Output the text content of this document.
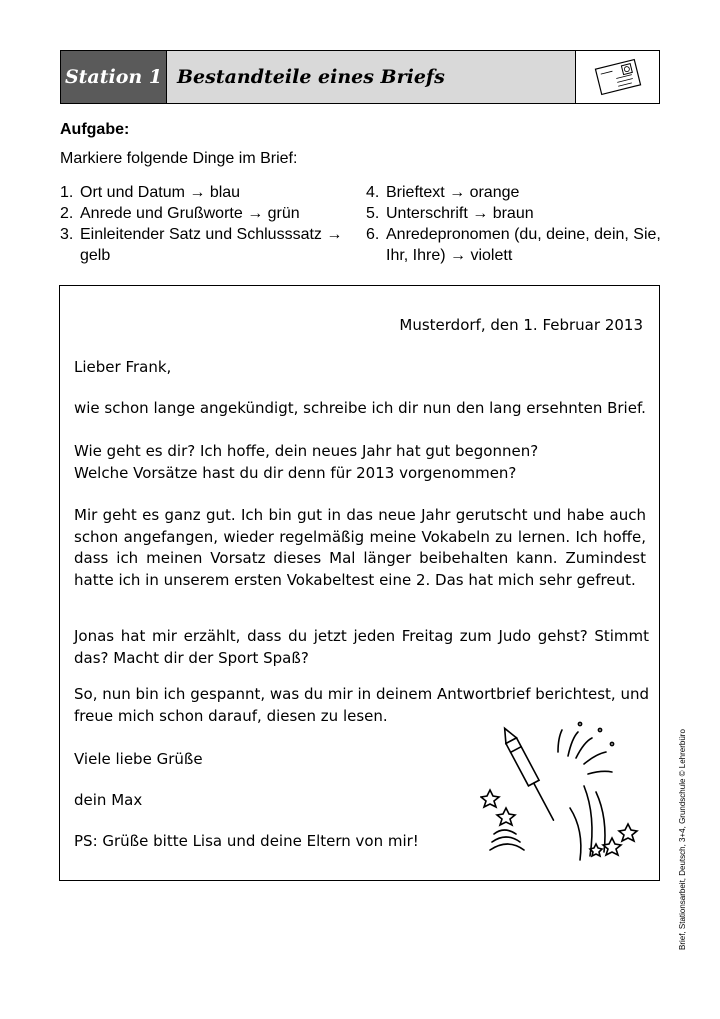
Station 1 Bestandteile eines Briefs
Aufgabe:
Markiere folgende Dinge im Brief:
1. Ort und Datum → blau
2. Anrede und Grußworte → grün
3. Einleitender Satz und Schlusssatz → gelb
4. Brieftext → orange
5. Unterschrift → braun
6. Anredepronomen (du, deine, dein, Sie, Ihr, Ihre) → violett
Musterdorf, den 1. Februar 2013
Lieber Frank,
wie schon lange angekündigt, schreibe ich dir nun den lang ersehnten Brief.
Wie geht es dir? Ich hoffe, dein neues Jahr hat gut begonnen? Welche Vorsätze hast du dir denn für 2013 vorgenommen?
Mir geht es ganz gut. Ich bin gut in das neue Jahr gerutscht und habe auch schon angefangen, wieder regelmäßig meine Vokabeln zu lernen. Ich hoffe, dass ich meinen Vorsatz dieses Mal länger beibehalten kann. Zumindest hatte ich in unserem ersten Vokabeltest eine 2. Das hat mich sehr gefreut.
Jonas hat mir erzählt, dass du jetzt jeden Freitag zum Judo gehst? Stimmt das? Macht dir der Sport Spaß?
So, nun bin ich gespannt, was du mir in deinem Antwortbrief berichtest, und freue mich schon darauf, diesen zu lesen.
Viele liebe Grüße
dein Max
PS: Grüße bitte Lisa und deine Eltern von mir!	Brief, Stationsarbeit, Deutsch, 3+4, Grundschule © Lehrerbüro
